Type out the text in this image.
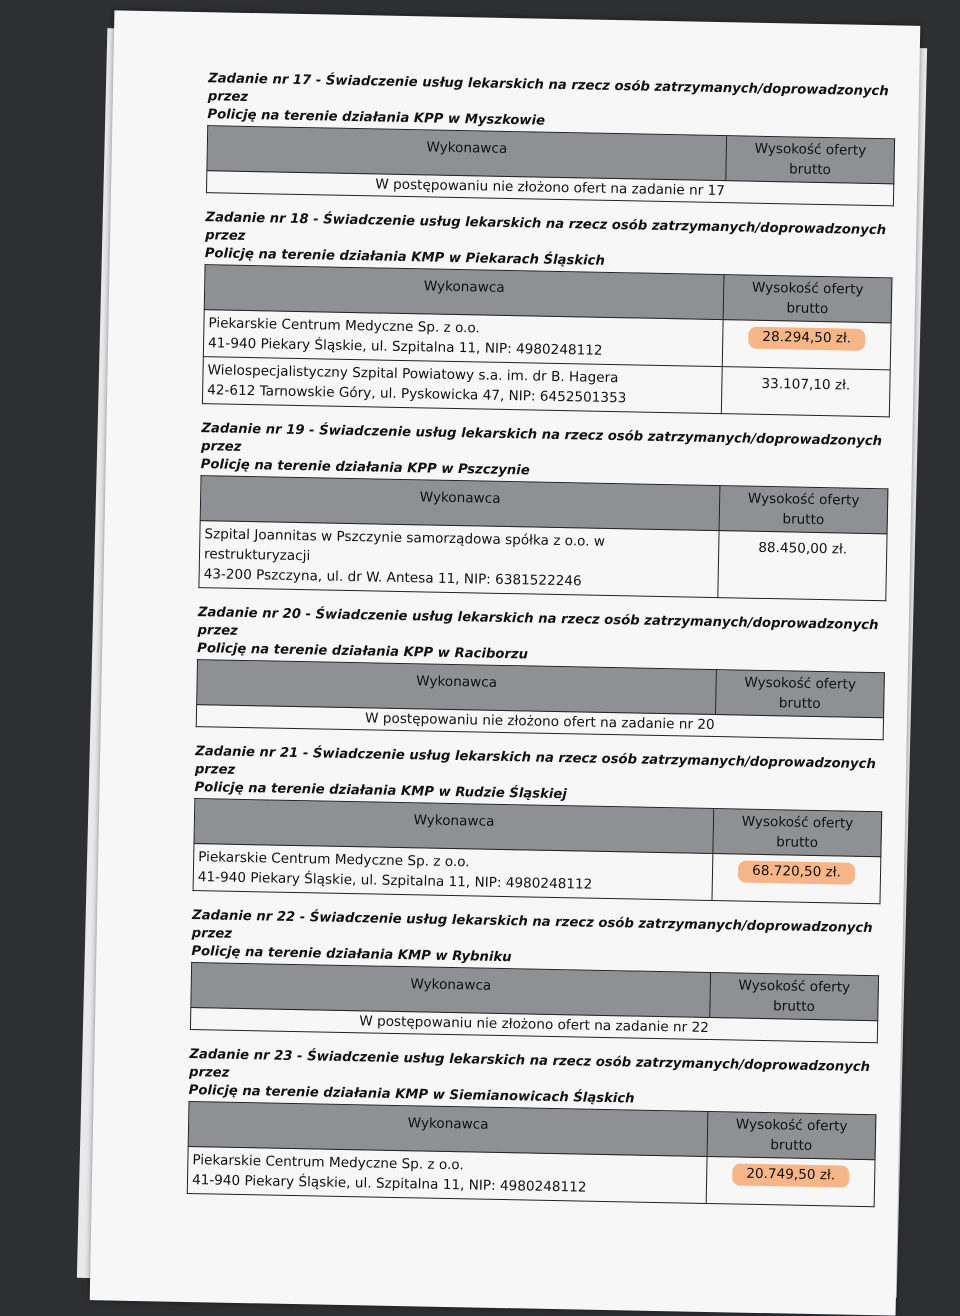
Zadanie nr 17 - Świadczenie usług lekarskich na rzecz osób zatrzymanych/doprowadzonych przez
Policję na terenie działania KPP w Myszkowie
Wykonawca	Wysokość oferty
brutto

W postępowaniu nie złożono ofert na zadanie nr 17
Zadanie nr 18 - Świadczenie usług lekarskich na rzecz osób zatrzymanych/doprowadzonych przez
Policję na terenie działania KMP w Piekarach Śląskich
Wykonawca	Wysokość oferty
brutto

Piekarskie Centrum Medyczne Sp. z o.o.
41-940 Piekary Śląskie, ul. Szpitalna 11, NIP: 4980248112	28.294,50 zł.

Wielospecjalistyczny Szpital Powiatowy s.a. im. dr B. Hagera
42-612 Tarnowskie Góry, ul. Pyskowicka 47, NIP: 6452501353	33.107,10 zł.
Zadanie nr 19 - Świadczenie usług lekarskich na rzecz osób zatrzymanych/doprowadzonych przez
Policję na terenie działania KPP w Pszczynie
Wykonawca	Wysokość oferty
brutto

Szpital Joannitas w Pszczynie samorządowa spółka z o.o. w restrukturyzacji
43-200 Pszczyna, ul. dr W. Antesa 11, NIP: 6381522246	88.450,00 zł.
Zadanie nr 20 - Świadczenie usług lekarskich na rzecz osób zatrzymanych/doprowadzonych przez
Policję na terenie działania KPP w Raciborzu
Wykonawca	Wysokość oferty
brutto

W postępowaniu nie złożono ofert na zadanie nr 20
Zadanie nr 21 - Świadczenie usług lekarskich na rzecz osób zatrzymanych/doprowadzonych przez
Policję na terenie działania KMP w Rudzie Śląskiej
Wykonawca	Wysokość oferty
brutto

Piekarskie Centrum Medyczne Sp. z o.o.
41-940 Piekary Śląskie, ul. Szpitalna 11, NIP: 4980248112	68.720,50 zł.
Zadanie nr 22 - Świadczenie usług lekarskich na rzecz osób zatrzymanych/doprowadzonych przez
Policję na terenie działania KMP w Rybniku
Wykonawca	Wysokość oferty
brutto

W postępowaniu nie złożono ofert na zadanie nr 22
Zadanie nr 23 - Świadczenie usług lekarskich na rzecz osób zatrzymanych/doprowadzonych przez
Policję na terenie działania KMP w Siemianowicach Śląskich
Wykonawca	Wysokość oferty
brutto

Piekarskie Centrum Medyczne Sp. z o.o.
41-940 Piekary Śląskie, ul. Szpitalna 11, NIP: 4980248112	20.749,50 zł.
